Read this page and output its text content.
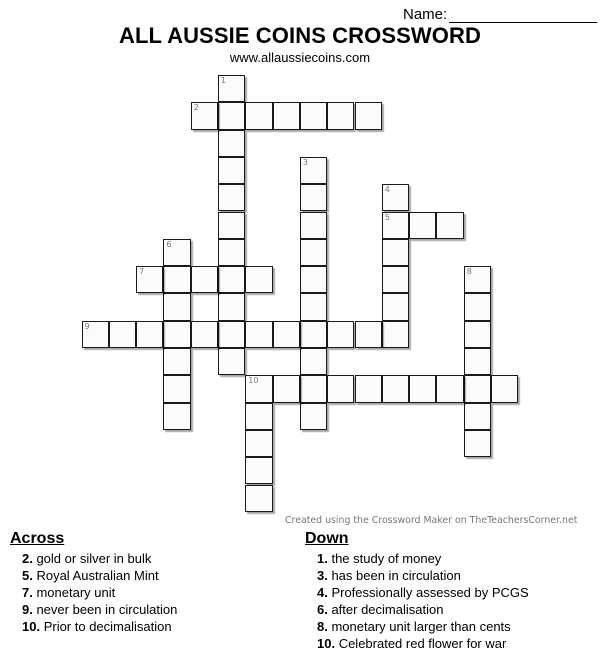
Name:
ALL AUSSIE COINS CROSSWORD
www.allaussiecoins.com
1
2
3
4
5
6
7	8
9
10
Created using the Crossword Maker on TheTeachersCorner.net
Across
2. gold or silver in bulk
5. Royal Australian Mint
7. monetary unit
9. never been in circulation
10. Prior to decimalisation
Down
1. the study of money
3. has been in circulation
4. Professionally assessed by PCGS
6. after decimalisation
8. monetary unit larger than cents
10. Celebrated red flower for war
